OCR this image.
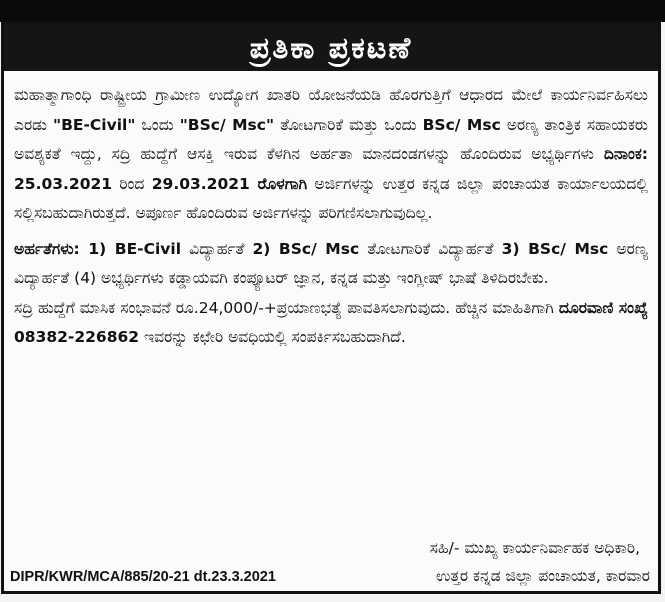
ಪ್ರತಿಕಾ ಪ್ರಕಟಣೆ

ಮಹಾತ್ಮಾಗಾಂಧಿ ರಾಷ್ಟ್ರೀಯ ಗ್ರಾಮೀಣ ಉದ್ಯೋಗ ಖಾತರಿ ಯೋಜನೆಯಡಿ ಹೊರಗುತ್ತಿಗೆ ಆಧಾರದ ಮೇಲೆ ಕಾರ್ಯನಿರ್ವಹಿಸಲು ಎರಡು "BE-Civil" ಒಂದು "BSc/ Msc" ತೋಟಗಾರಿಕೆ ಮತ್ತು ಒಂದು BSc/ Msc ಅರಣ್ಯ ತಾಂತ್ರಿಕ ಸಹಾಯಕರು ಅವಶ್ಯಕತೆ ಇದ್ದು, ಸದ್ರಿ ಹುದ್ದೆಗೆ ಆಸಕ್ತಿ ಇರುವ ಕೆಳಗಿನ ಅರ್ಹತಾ ಮಾನದಂಡಗಳನ್ನು ಹೊಂದಿರುವ ಅಭ್ಯರ್ಥಿಗಳು ದಿನಾಂಕ: 25.03.2021 ರಿಂದ 29.03.2021 ರೊಳಗಾಗಿ ಅರ್ಜಿಗಳನ್ನು ಉತ್ತರ ಕನ್ನಡ ಜಿಲ್ಲಾ ಪಂಚಾಯತ ಕಾರ್ಯಾಲಯದಲ್ಲಿ ಸಲ್ಲಿಸಬಹುದಾಗಿರುತ್ತದೆ. ಅಪೂರ್ಣ ಹೊಂದಿರುವ ಅರ್ಜಿಗಳನ್ನು ಪರಿಗಣಿಸಲಾಗುವುದಿಲ್ಲ.

ಅರ್ಹತೆಗಳು: 1) BE-Civil ವಿದ್ಯಾರ್ಹತೆ 2) BSc/ Msc ತೋಟಗಾರಿಕೆ ವಿದ್ಯಾರ್ಹತೆ 3) BSc/ Msc ಅರಣ್ಯ ವಿದ್ಯಾರ್ಹತೆ (4) ಅಭ್ಯರ್ಥಿಗಳು ಕಡ್ಡಾಯವಗಿ ಕಂಪ್ಯೂಟರ್ ಜ್ಞಾನ, ಕನ್ನಡ ಮತ್ತು ಇಂಗ್ಲೀಷ್ ಭಾಷೆ ತಿಳಿದಿರಬೇಕು.

ಸದ್ರಿ ಹುದ್ದೆಗೆ ಮಾಸಿಕ ಸಂಭಾವನೆ ರೂ.24,000/-+ಪ್ರಯಾಣಭತ್ಯೆ ಪಾವತಿಸಲಾಗುವುದು. ಹೆಚ್ಚಿನ ಮಾಹಿತಿಗಾಗಿ ದೂರವಾಣಿ ಸಂಖ್ಯೆ 08382-226862 ಇವರನ್ನು ಕಛೇರಿ ಅವಧಿಯಲ್ಲಿ ಸಂಪರ್ಕಿಸಬಹುದಾಗಿದೆ.

ಸಹಿ/- ಮುಖ್ಯ ಕಾರ್ಯನಿರ್ವಾಹಕ ಅಧಿಕಾರಿ,
DIPR/KWR/MCA/885/20-21 dt.23.3.2021	ಉತ್ತರ ಕನ್ನಡ ಜಿಲ್ಲಾ ಪಂಚಾಯತ, ಕಾರವಾರ
